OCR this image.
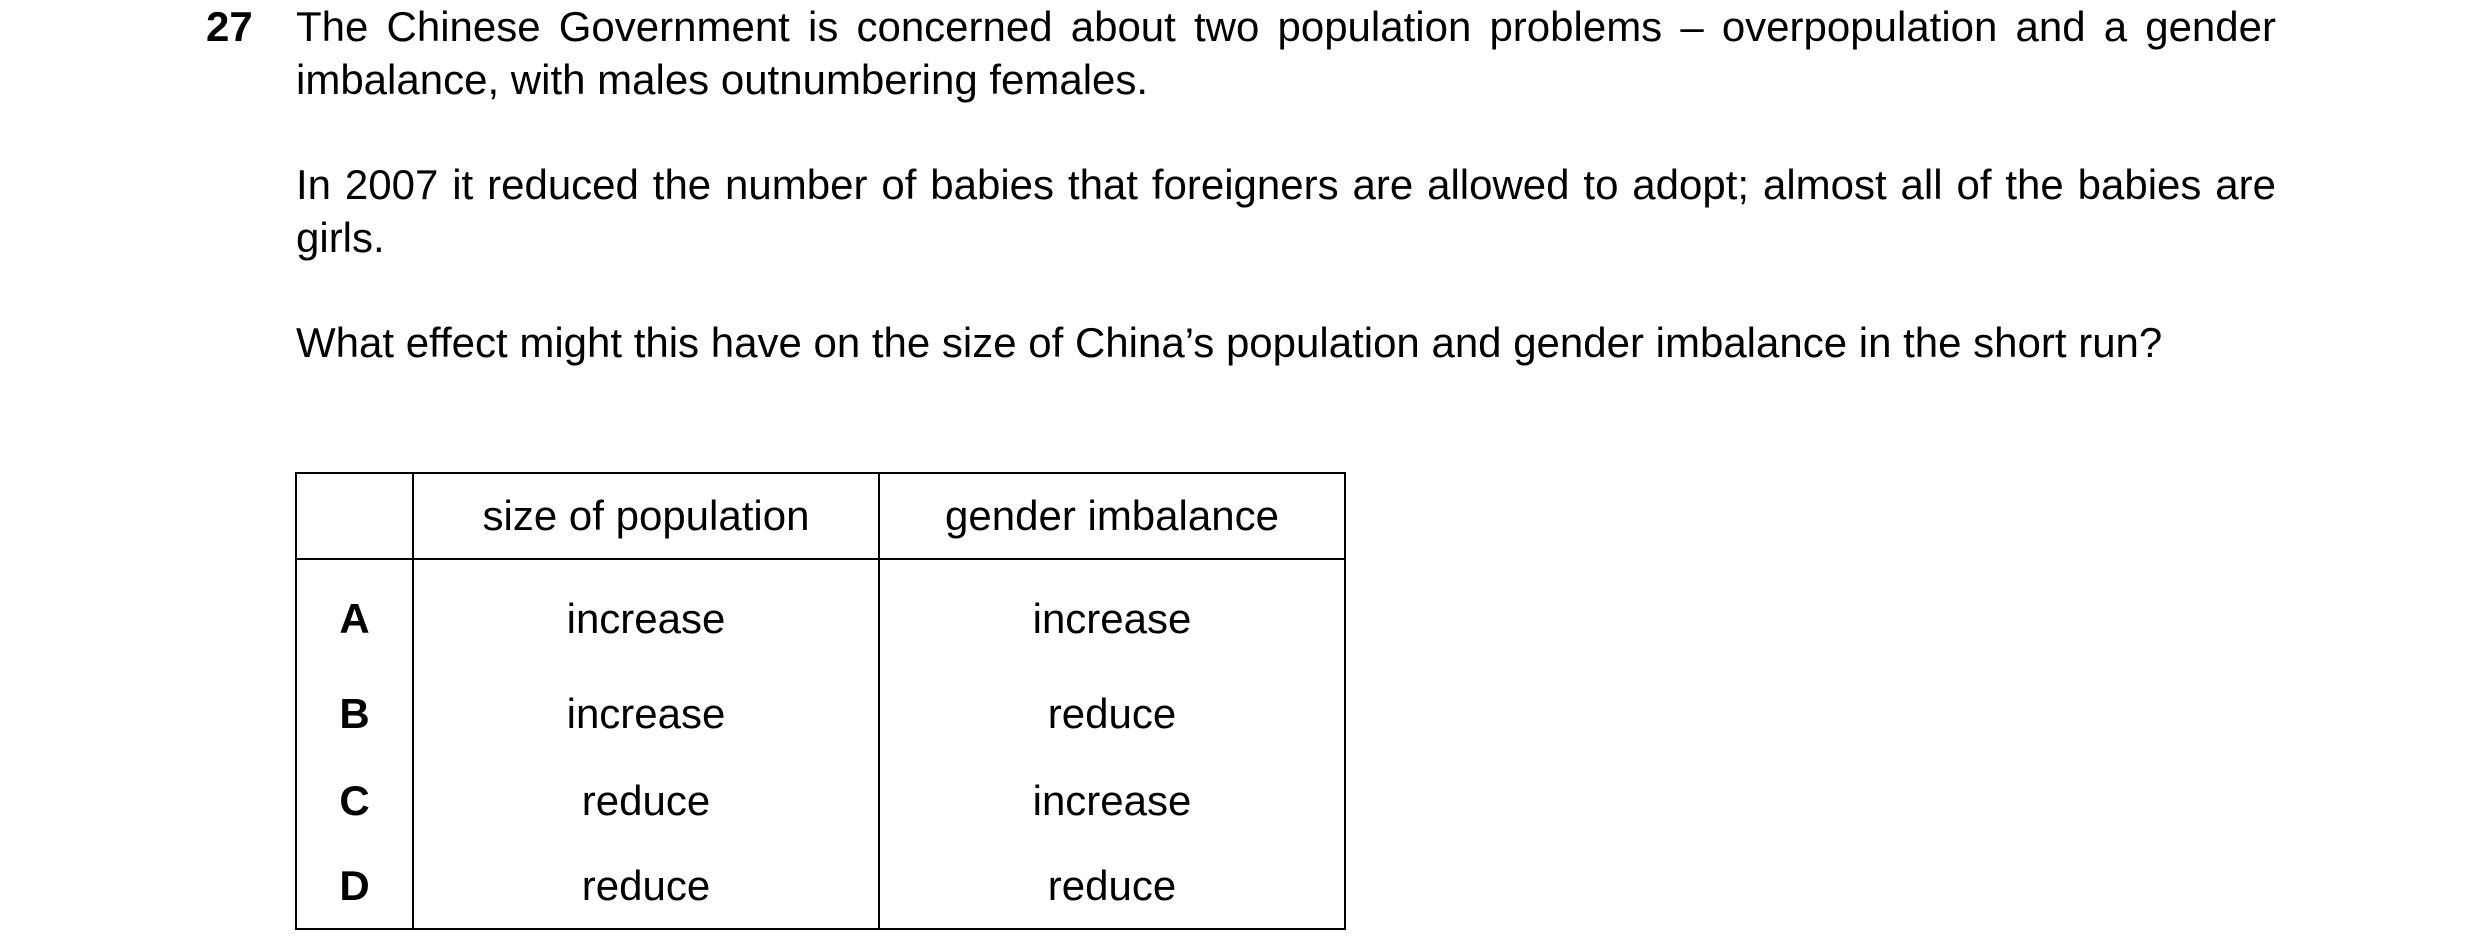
27 The Chinese Government is concerned about two population problems – overpopulation and a gender imbalance, with males outnumbering females.

In 2007 it reduced the number of babies that foreigners are allowed to adopt; almost all of the babies are girls.

What effect might this have on the size of China’s population and gender imbalance in the short run?

	size of population	gender imbalance
A	increase	increase
B	increase	reduce
C	reduce	increase
D	reduce	reduce
